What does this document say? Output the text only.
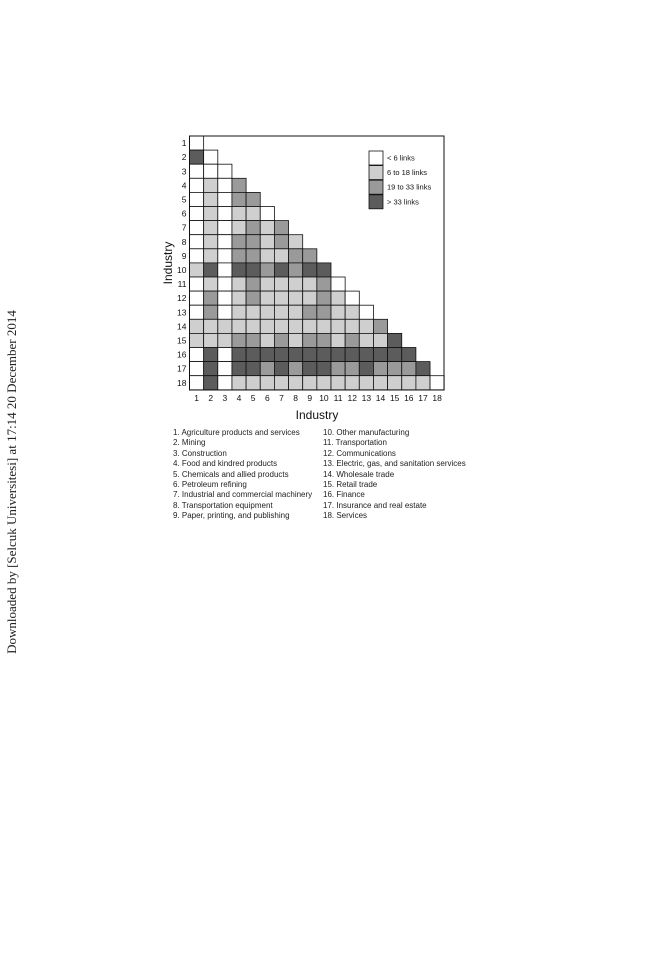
Downloaded by [Selcuk Universitesi] at 17:14 20 December 2014
1
2
3
4
5
6
7
8
9
10
11
12
13
14
15
16
17
18
1 2 3 4 5 6 7 8 9 10 11 12 13 14 15 16 17 18
Industry
Industry
< 6 links
6 to 18 links
19 to 33 links
> 33 links
1. Agriculture products and services
2. Mining
3. Construction
4. Food and kindred products
5. Chemicals and allied products
6. Petroleum refining
7. Industrial and commercial machinery
8. Transportation equipment
9. Paper, printing, and publishing
10. Other manufacturing
11. Transportation
12. Communications
13. Electric, gas, and sanitation services
14. Wholesale trade
15. Retail trade
16. Finance
17. Insurance and real estate
18. Services
